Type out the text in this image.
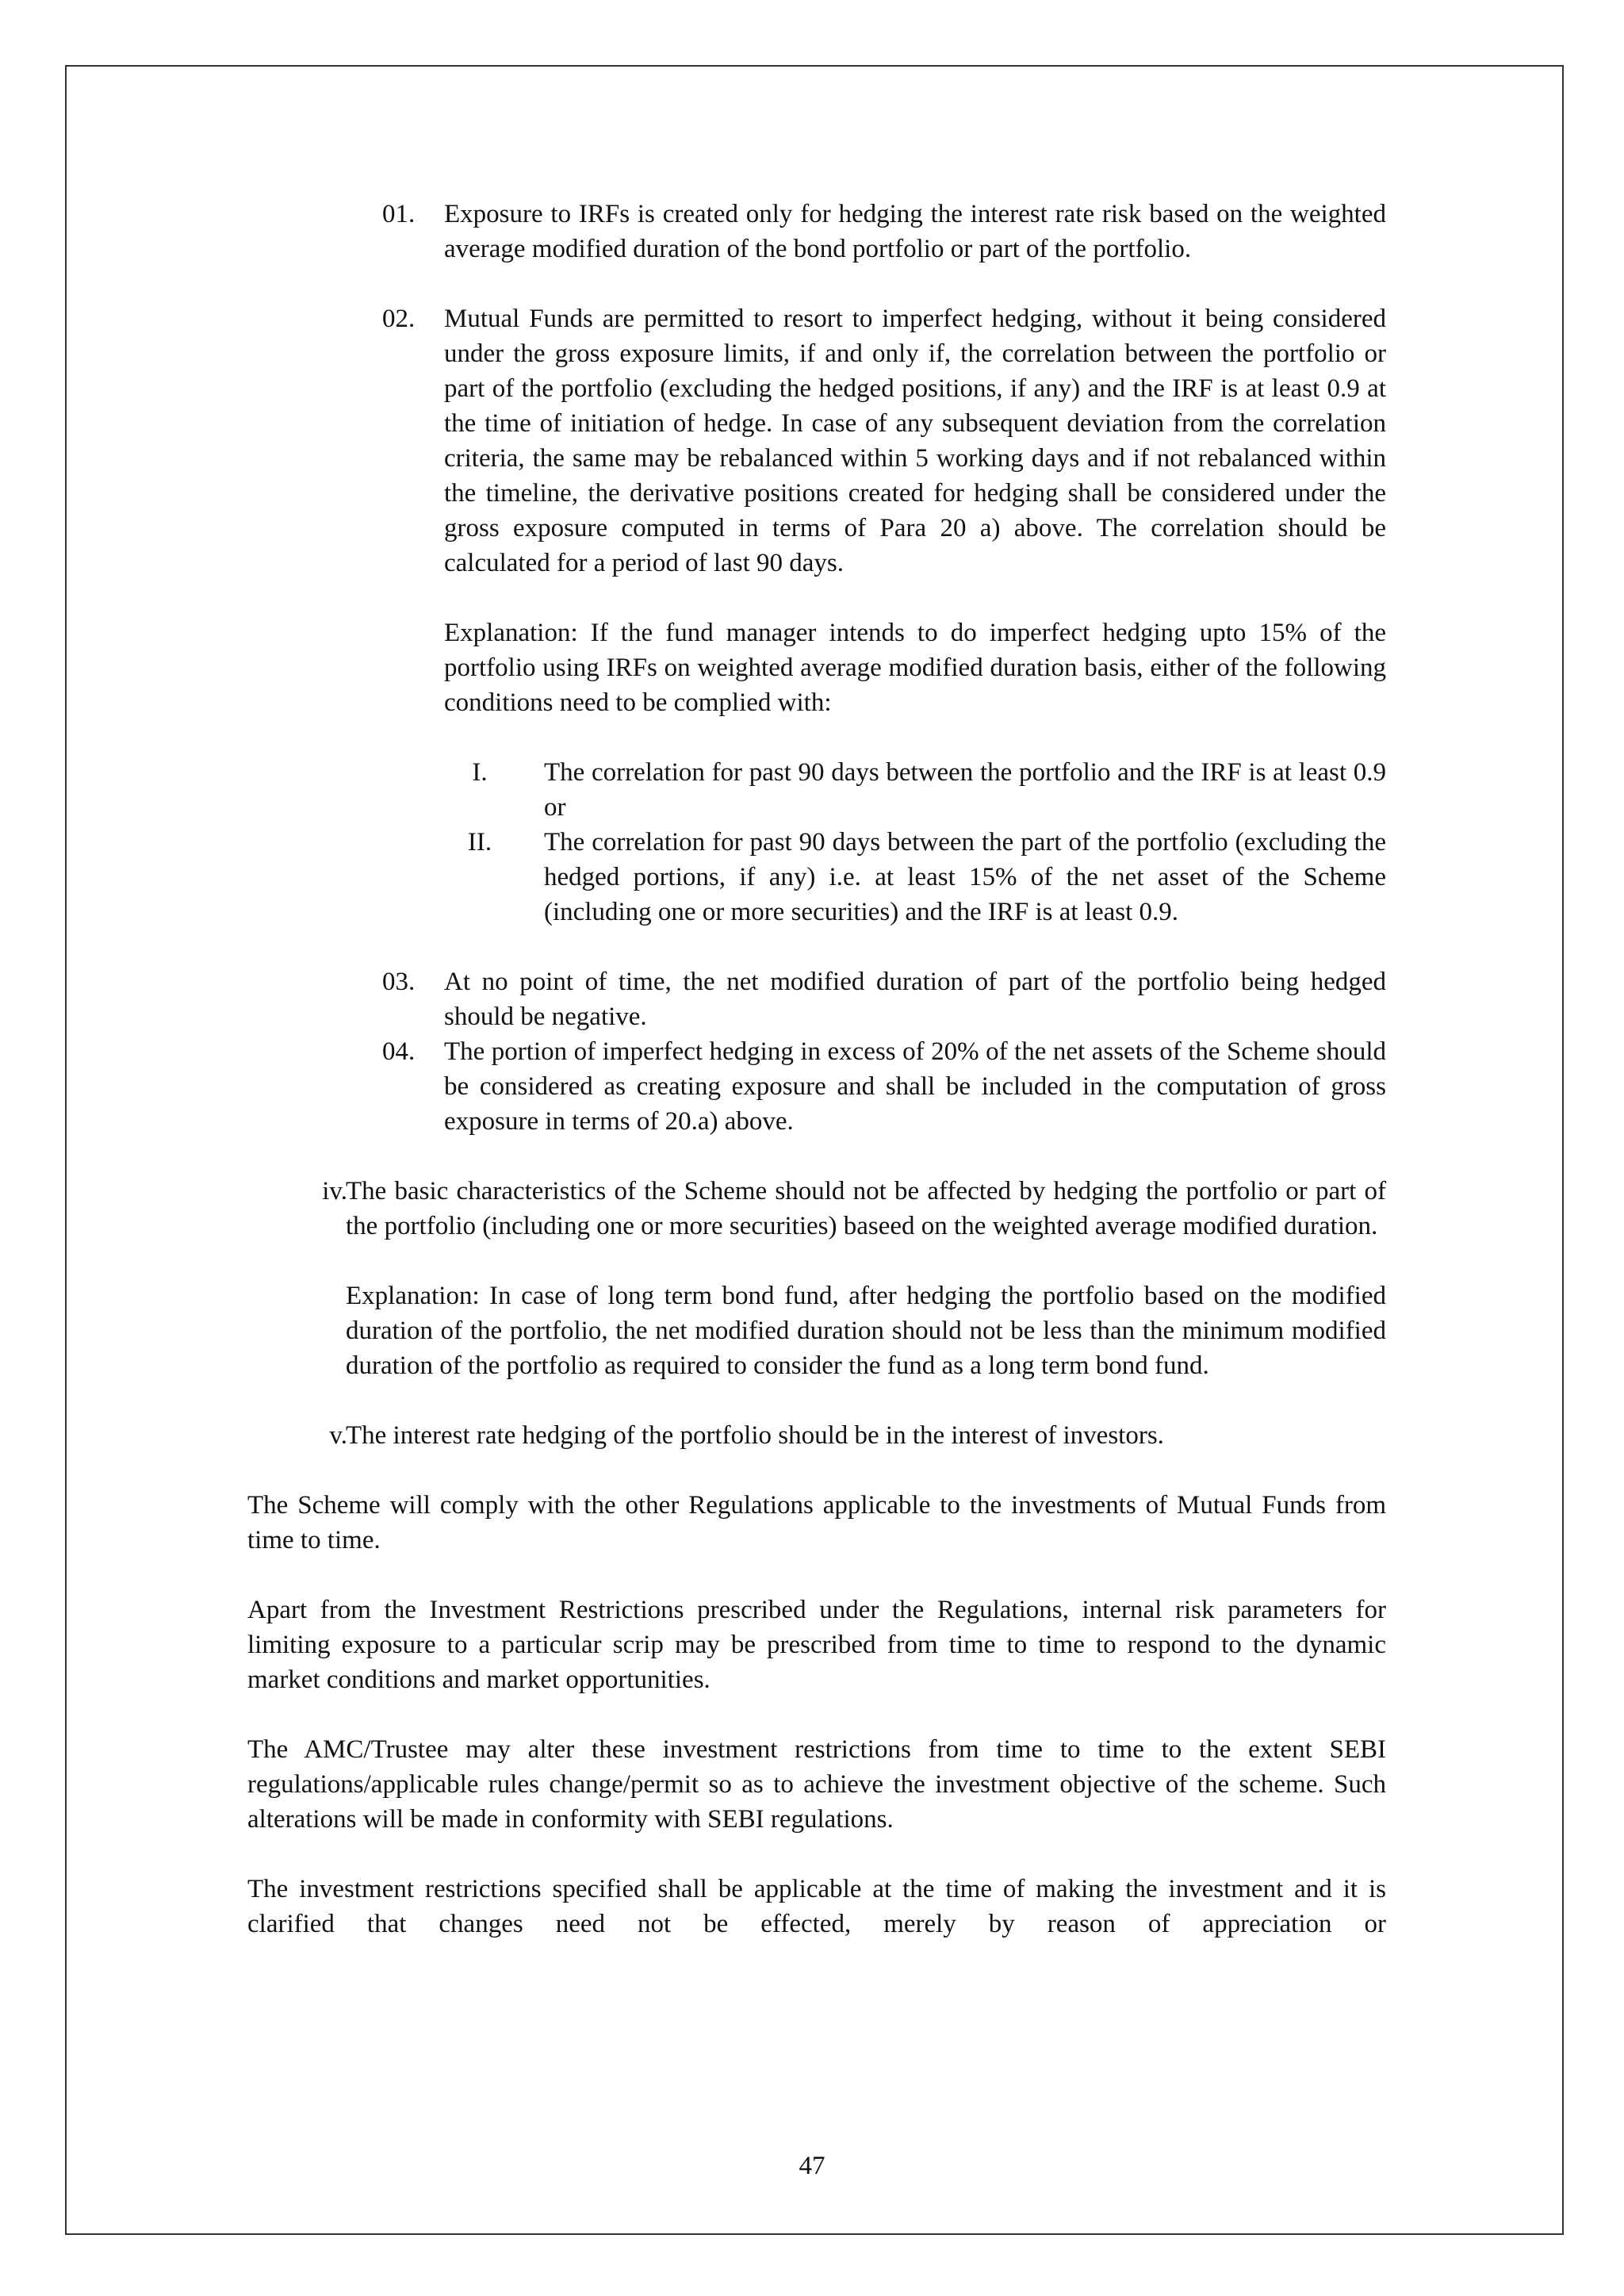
01.	Exposure to IRFs is created only for hedging the interest rate risk based on the weighted average modified duration of the bond portfolio or part of the portfolio.
02.	Mutual Funds are permitted to resort to imperfect hedging, without it being considered under the gross exposure limits, if and only if, the correlation between the portfolio or part of the portfolio (excluding the hedged positions, if any) and the IRF is at least 0.9 at the time of initiation of hedge. In case of any subsequent deviation from the correlation criteria, the same may be rebalanced within 5 working days and if not rebalanced within the timeline, the derivative positions created for hedging shall be considered under the gross exposure computed in terms of Para 20 a) above. The correlation should be calculated for a period of last 90 days.
Explanation: If the fund manager intends to do imperfect hedging upto 15% of the portfolio using IRFs on weighted average modified duration basis, either of the following conditions need to be complied with:
I.	The correlation for past 90 days between the portfolio and the IRF is at least 0.9 or
II.	The correlation for past 90 days between the part of the portfolio (excluding the hedged portions, if any) i.e. at least 15% of the net asset of the Scheme (including one or more securities) and the IRF is at least 0.9.
03.	At no point of time, the net modified duration of part of the portfolio being hedged should be negative.
04.	The portion of imperfect hedging in excess of 20% of the net assets of the Scheme should be considered as creating exposure and shall be included in the computation of gross exposure in terms of 20.a) above.
iv.
The basic characteristics of the Scheme should not be affected by hedging the portfolio or part of the portfolio (including one or more securities) baseed on the weighted average modified duration.
Explanation: In case of long term bond fund, after hedging the portfolio based on the modified duration of the portfolio, the net modified duration should not be less than the minimum modified duration of the portfolio as required to consider the fund as a long term bond fund.
v.
The interest rate hedging of the portfolio should be in the interest of investors.
The Scheme will comply with the other Regulations applicable to the investments of Mutual Funds from time to time.
Apart from the Investment Restrictions prescribed under the Regulations, internal risk parameters for limiting exposure to a particular scrip may be prescribed from time to time to respond to the dynamic market conditions and market opportunities.
The AMC/Trustee may alter these investment restrictions from time to time to the extent SEBI regulations/applicable rules change/permit so as to achieve the investment objective of the scheme. Such alterations will be made in conformity with SEBI regulations.
The investment restrictions specified shall be applicable at the time of making the investment and it is clarified that changes need not be effected, merely by reason of appreciation or
47
